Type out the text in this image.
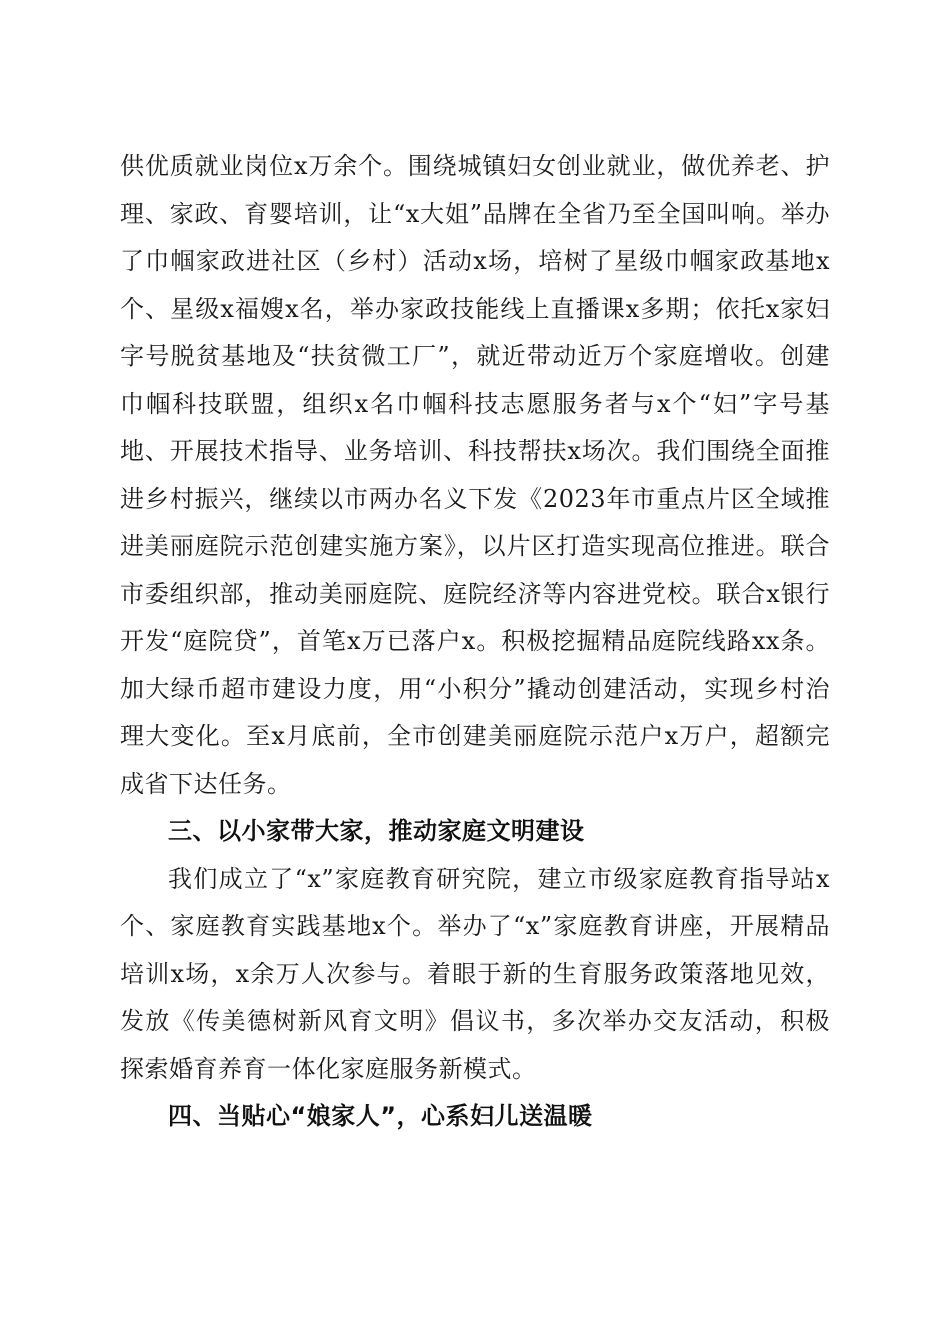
供优质就业岗位x万余个。围绕城镇妇女创业就业，做优养老、护理、家政、育婴培训，让“x大姐”品牌在全省乃至全国叫响。举办了巾帼家政进社区（乡村）活动x场，培树了星级巾帼家政基地x个、星级x福嫂x名，举办家政技能线上直播课x多期；依托x家妇字号脱贫基地及“扶贫微工厂”，就近带动近万个家庭增收。创建巾帼科技联盟，组织x名巾帼科技志愿服务者与x个“妇”字号基地、开展技术指导、业务培训、科技帮扶x场次。我们围绕全面推进乡村振兴，继续以市两办名义下发《2023年市重点片区全域推进美丽庭院示范创建实施方案》，以片区打造实现高位推进。联合市委组织部，推动美丽庭院、庭院经济等内容进党校。联合x银行开发“庭院贷”，首笔x万已落户x。积极挖掘精品庭院线路xx条。加大绿币超市建设力度，用“小积分”撬动创建活动，实现乡村治理大变化。至x月底前，全市创建美丽庭院示范户x万户，超额完成省下达任务。

三、以小家带大家，推动家庭文明建设

我们成立了“x”家庭教育研究院，建立市级家庭教育指导站x个、家庭教育实践基地x个。举办了“x”家庭教育讲座，开展精品培训x场，x余万人次参与。着眼于新的生育服务政策落地见效，发放《传美德树新风育文明》倡议书，多次举办交友活动，积极探索婚育养育一体化家庭服务新模式。

四、当贴心“娘家人”，心系妇儿送温暖
